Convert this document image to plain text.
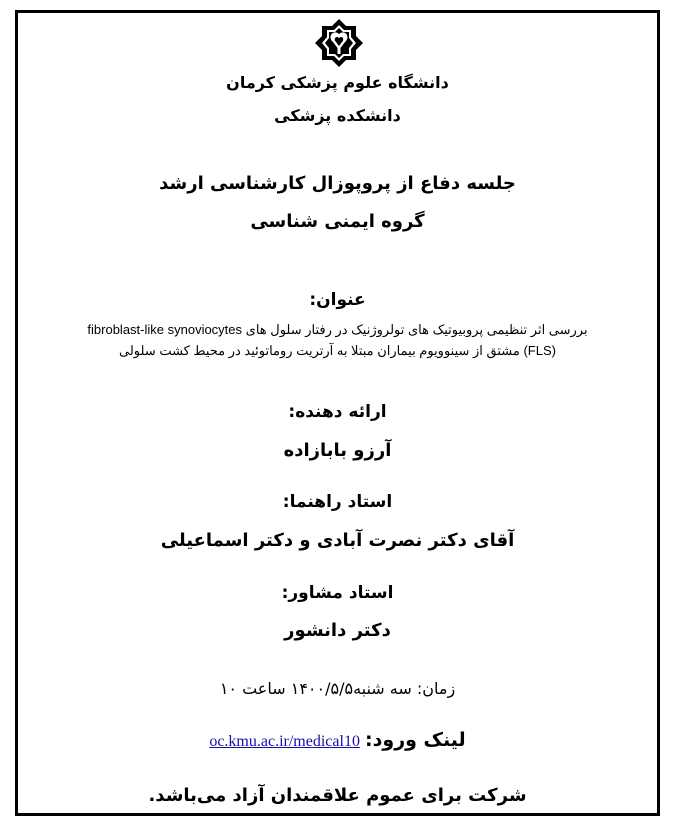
دانشگاه علوم پزشکی کرمان
دانشکده پزشکی
جلسه دفاع از پروپوزال کارشناسی ارشد
گروه ایمنی شناسی
عنوان:
بررسی اثر تنظیمی پروبیوتیک های تولروژنیک در رفتار سلول های fibroblast-like synoviocytes
(FLS) مشتق از سینوویوم بیماران مبتلا به آرتریت روماتوئید در محیط کشت سلولی
ارائه دهنده:
آرزو بابازاده
استاد راهنما:
آقای دکتر نصرت آبادی و دکتر اسماعیلی
استاد مشاور:
دکتر دانشور
زمان: سه شنبه۱۴۰۰/۵/۵ ساعت ۱۰
لینک ورود: oc.kmu.ac.ir/medical10
شرکت برای عموم علاقمندان آزاد می‌باشد.
